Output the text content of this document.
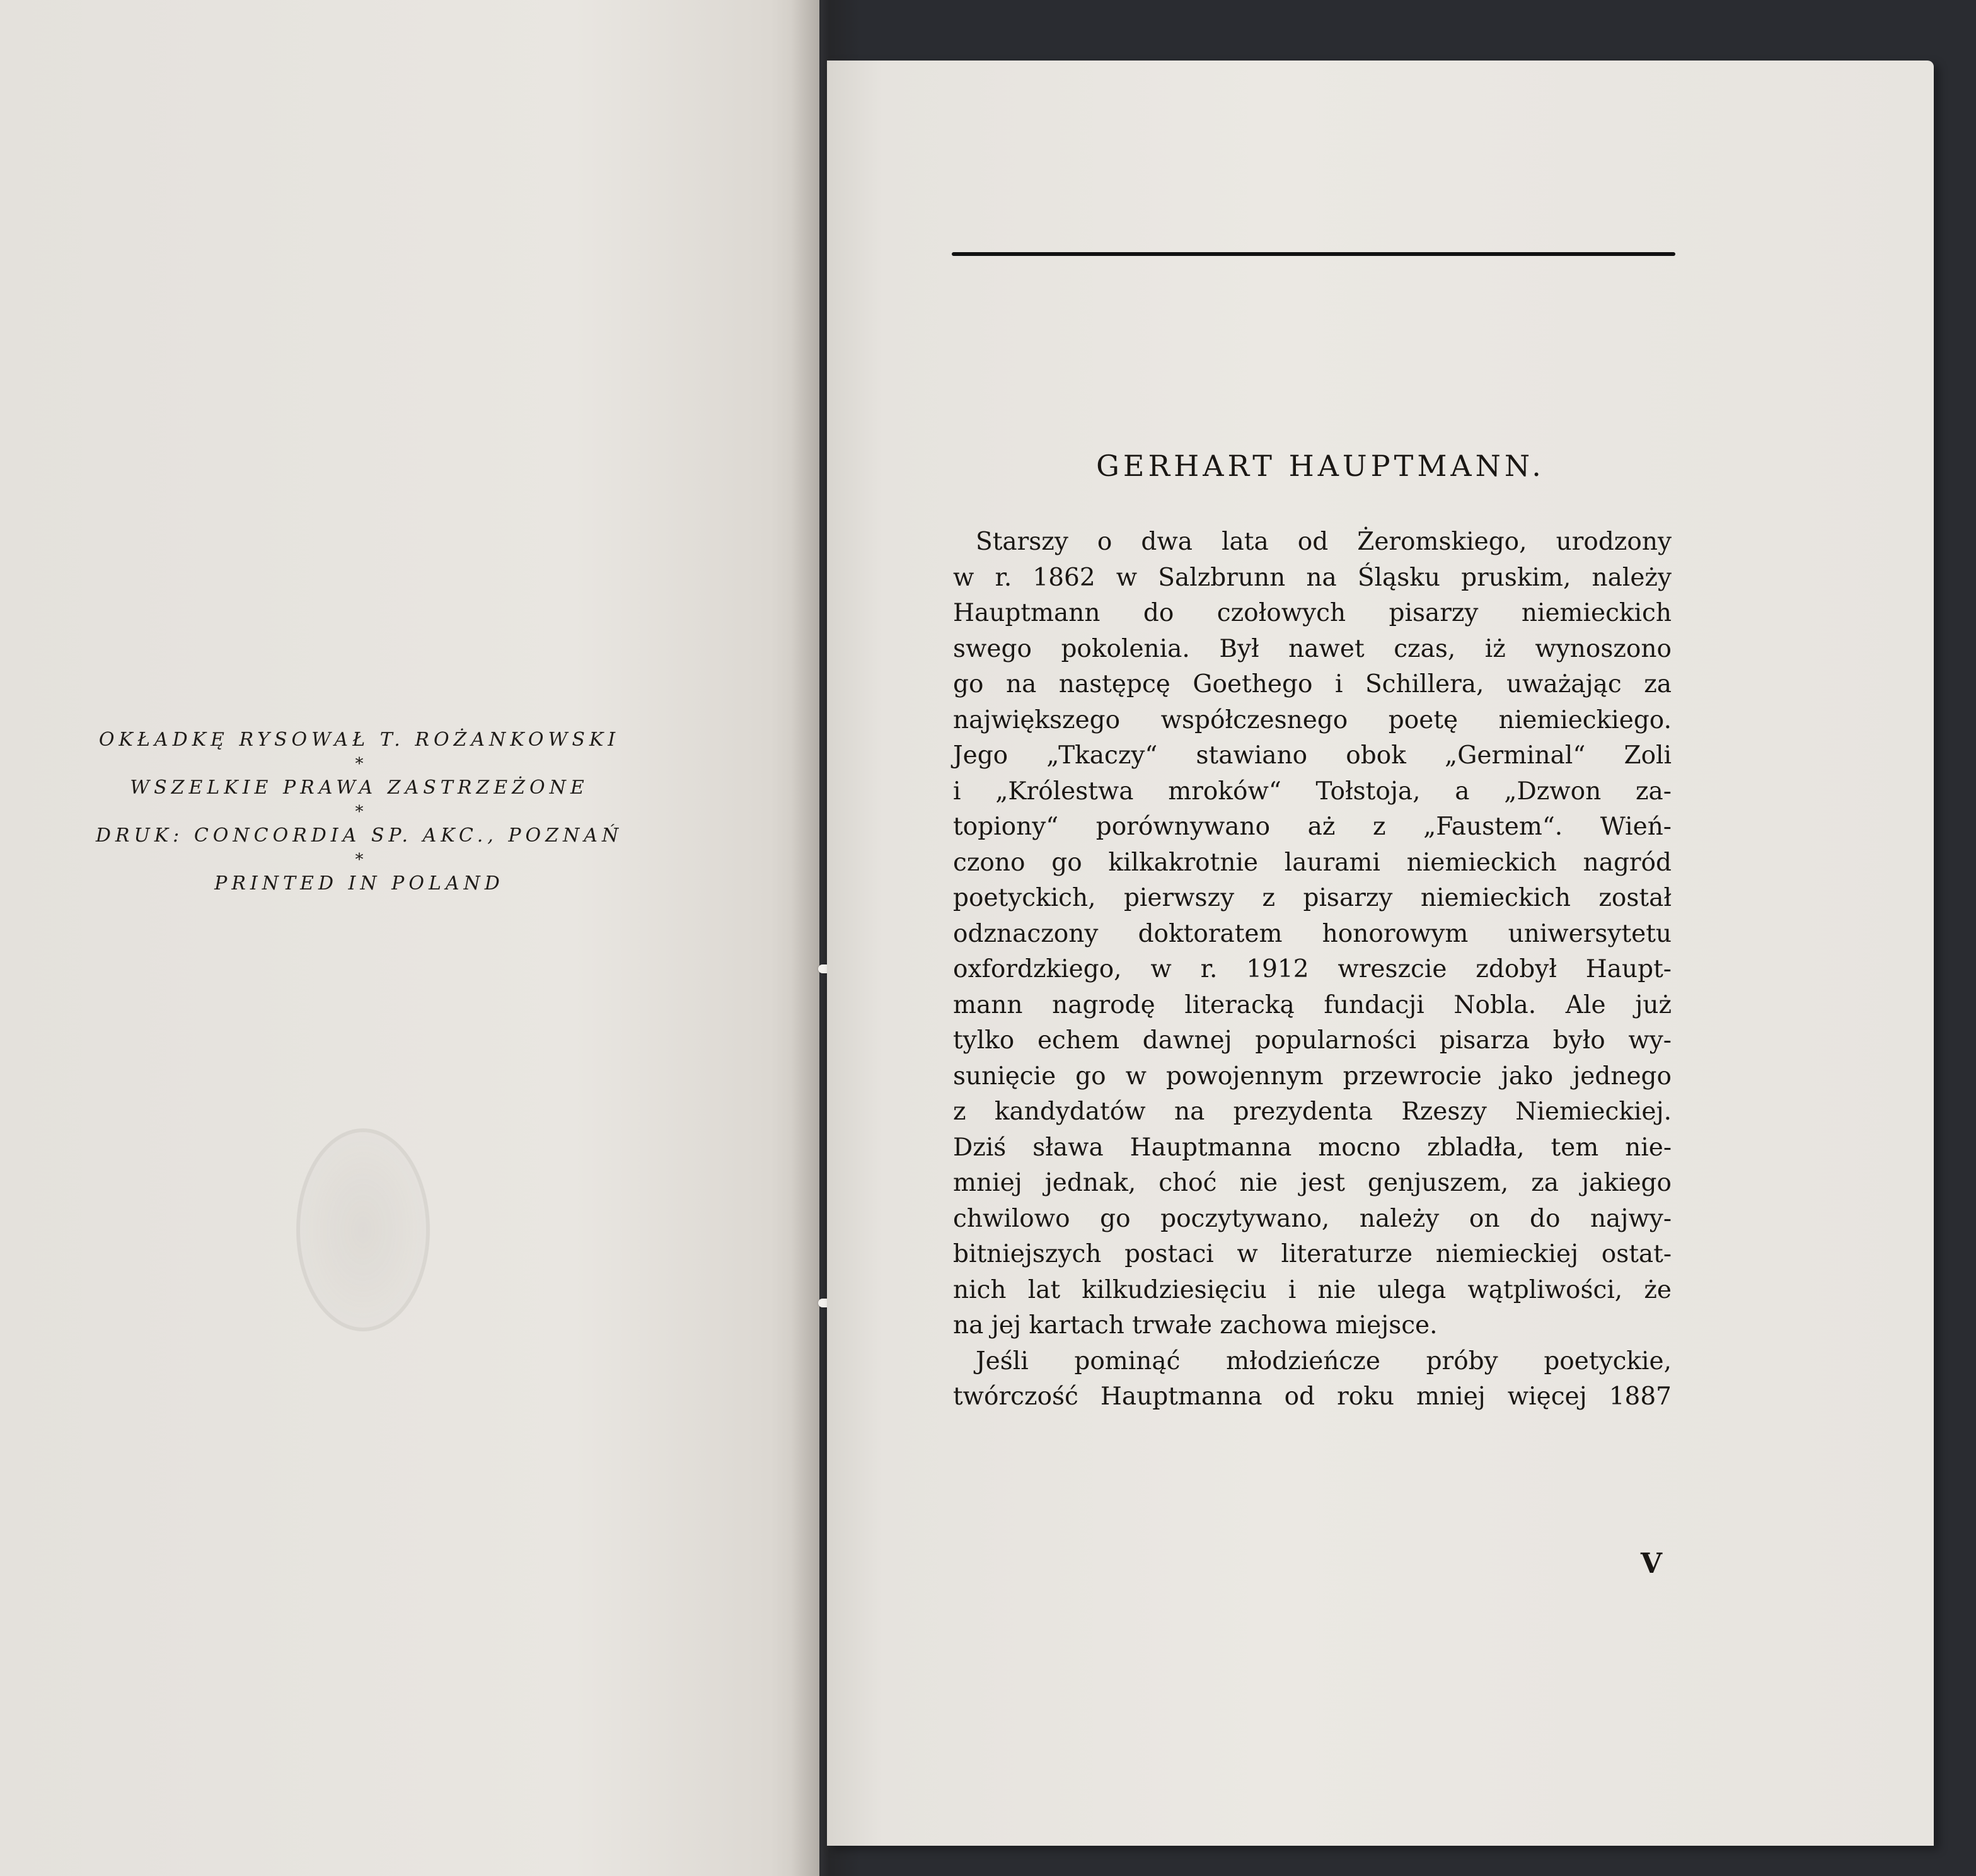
OKŁADKĘ RYSOWAŁ T. ROŻANKOWSKI
*
WSZELKIE PRAWA ZASTRZEŻONE
*
DRUK: CONCORDIA SP. AKC., POZNAŃ
*
PRINTED IN POLAND
GERHART HAUPTMANN.
Starszy o dwa lata od Żeromskiego, urodzony
w r. 1862 w Salzbrunn na Śląsku pruskim, należy
Hauptmann do czołowych pisarzy niemieckich
swego pokolenia. Był nawet czas, iż wynoszono
go na następcę Goethego i Schillera, uważając za
największego współczesnego poetę niemieckiego.
Jego „Tkaczy“ stawiano obok „Germinal“ Zoli
i „Królestwa mroków“ Tołstoja, a „Dzwon za-
topiony“ porównywano aż z „Faustem“. Wień-
czono go kilkakrotnie laurami niemieckich nagród
poetyckich, pierwszy z pisarzy niemieckich został
odznaczony doktoratem honorowym uniwersytetu
oxfordzkiego, w r. 1912 wreszcie zdobył Haupt-
mann nagrodę literacką fundacji Nobla. Ale już
tylko echem dawnej popularności pisarza było wy-
sunięcie go w powojennym przewrocie jako jednego
z kandydatów na prezydenta Rzeszy Niemieckiej.
Dziś sława Hauptmanna mocno zbladła, tem nie-
mniej jednak, choć nie jest genjuszem, za jakiego
chwilowo go poczytywano, należy on do najwy-
bitniejszych postaci w literaturze niemieckiej ostat-
nich lat kilkudziesięciu i nie ulega wątpliwości, że
na jej kartach trwałe zachowa miejsce.
Jeśli pominąć młodzieńcze próby poetyckie,
twórczość Hauptmanna od roku mniej więcej 1887
V
